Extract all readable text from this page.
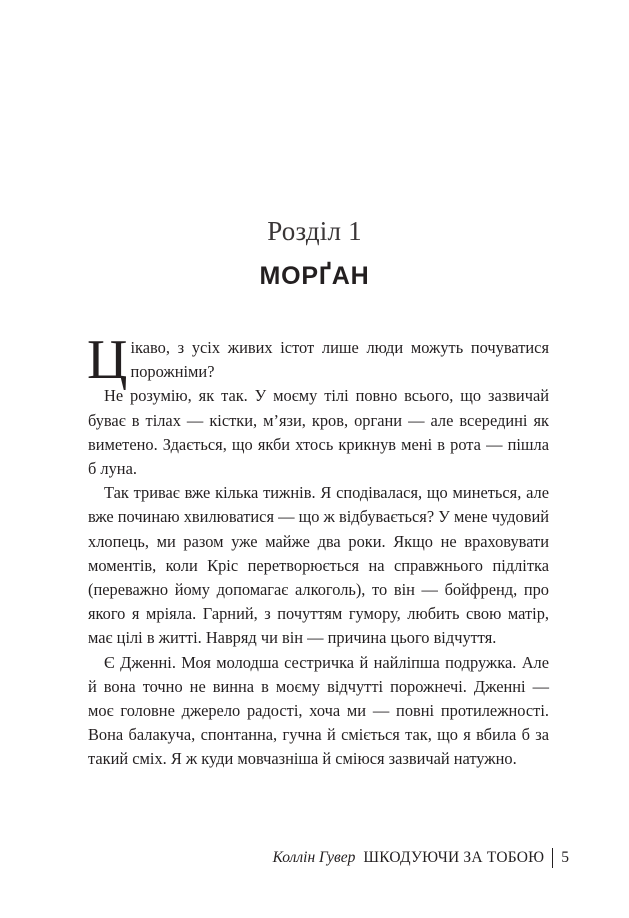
Розділ 1
МОРҐАН

Цікаво, з усіх живих істот лише люди можуть почуватися порожніми?

Не розумію, як так. У моєму тілі повно всього, що зазвичай буває в тілах — кістки, м’язи, кров, органи — але всередині як виметено. Здається, що якби хтось крикнув мені в рота — пішла б луна.

Так триває вже кілька тижнів. Я сподівалася, що минеться, але вже починаю хвилюватися — що ж відбувається? У мене чудовий хлопець, ми разом уже майже два роки. Якщо не враховувати моментів, коли Кріс перетворюється на справжнього підлітка (переважно йому допомагає алкоголь), то він — бойфренд, про якого я мріяла. Гарний, з почуттям гумору, любить свою матір, має цілі в житті. Навряд чи він — причина цього відчуття.

Є Дженні. Моя молодша сестричка й найліпша подружка. Але й вона точно не винна в моєму відчутті порожнечі. Дженні — моє головне джерело радості, хоча ми — повні протилежності. Вона балакуча, спонтанна, гучна й сміється так, що я вбила б за такий сміх. Я ж куди мовчазніша й сміюся зазвичай натужно.

Коллін Гувер ШКОДУЮЧИ ЗА ТОБОЮ 5
